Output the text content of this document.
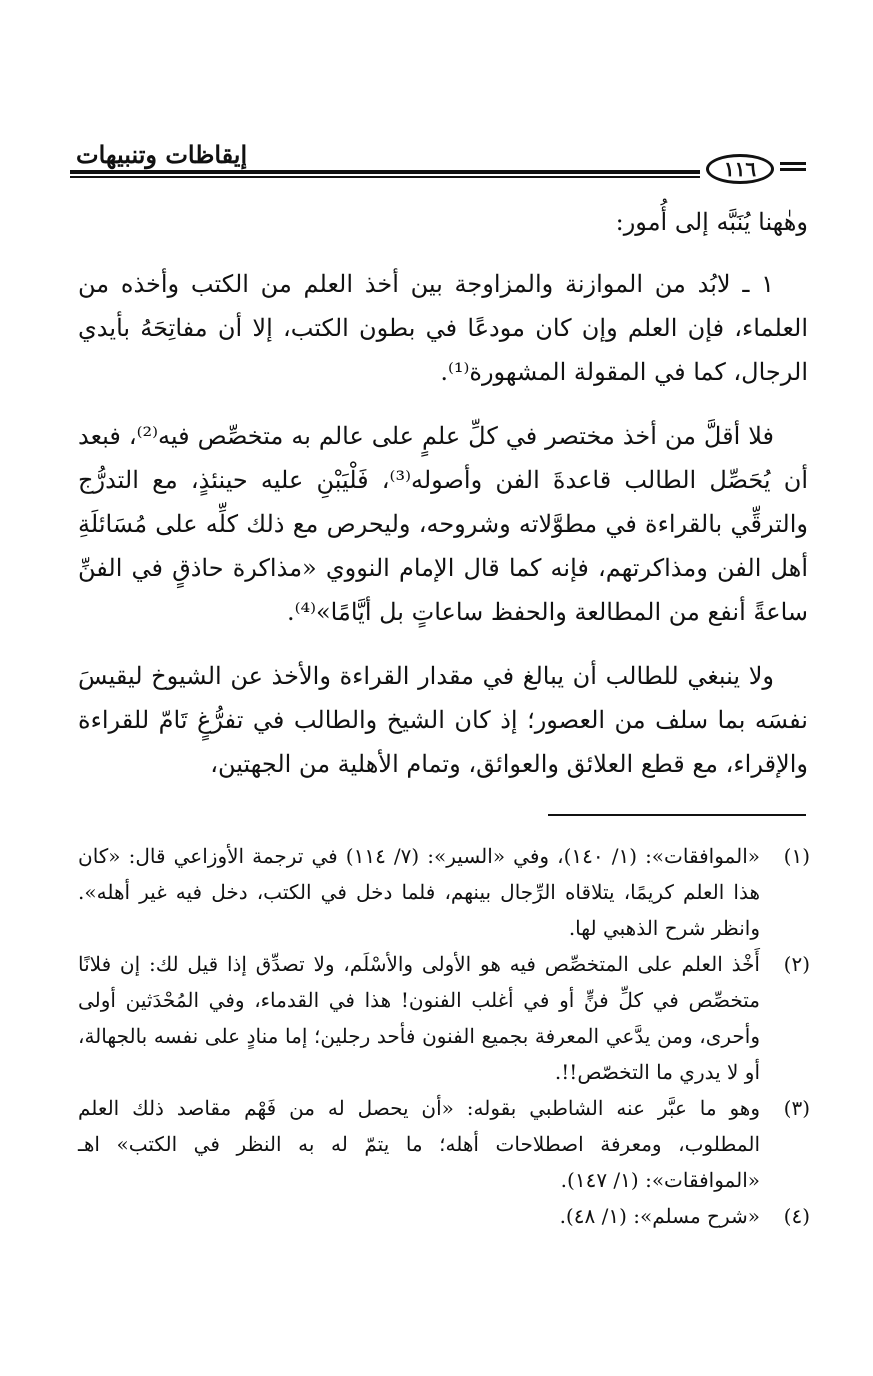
إيقاظات وتنبيهات	١١٦

وهٰهنا يُنَبَّه إلى أُمور:

١ ـ لابُد من الموازنة والمزاوجة بين أخذ العلم من الكتب وأخذه من العلماء، فإن العلم وإن كان مودعًا في بطون الكتب، إلا أن مفاتِحَهُ بأيدي الرجال، كما في المقولة المشهورة⁽¹⁾.

فلا أقلَّ من أخذ مختصر في كلِّ علمٍ على عالم به متخصِّص فيه⁽²⁾، فبعد أن يُحَصِّل الطالب قاعدةَ الفن وأصوله⁽³⁾، فَلْيَبْنِ عليه حينئذٍ، مع التدرُّج والترقِّي بالقراءة في مطوَّلاته وشروحه، وليحرص مع ذلك كلِّه على مُسَائلَةِ أهل الفن ومذاكرتهم، فإنه كما قال الإمام النووي «مذاكرة حاذقٍ في الفنِّ ساعةً أنفع من المطالعة والحفظ ساعاتٍ بل أيَّامًا»⁽⁴⁾.

ولا ينبغي للطالب أن يبالغ في مقدار القراءة والأخذ عن الشيوخ ليقيسَ نفسَه بما سلف من العصور؛ إذ كان الشيخ والطالب في تفرُّغٍ تَامّ للقراءة والإقراء، مع قطع العلائق والعوائق، وتمام الأهلية من الجهتين،

(١)
«الموافقات»: (١/ ١٤٠)، وفي «السير»: (٧/ ١١٤) في ترجمة الأوزاعي قال: «كان هذا العلم كريمًا، يتلاقاه الرِّجال بينهم، فلما دخل في الكتب، دخل فيه غير أهله». وانظر شرح الذهبي لها.
(٢)
أَخْذ العلم على المتخصِّص فيه هو الأولى والأسْلَم، ولا تصدِّق إذا قيل لك: إن فلانًا متخصِّص في كلِّ فنٍّ أو في أغلب الفنون! هذا في القدماء، وفي المُحْدَثين أولى وأحرى، ومن يدَّعي المعرفة بجميع الفنون فأحد رجلين؛ إما منادٍ على نفسه بالجهالة، أو لا يدري ما التخصّص!!.
(٣)
وهو ما عبَّر عنه الشاطبي بقوله: «أن يحصل له من فَهْم مقاصد ذلك العلم المطلوب، ومعرفة اصطلاحات أهله؛ ما يتمّ له به النظر في الكتب» اهـ «الموافقات»: (١/ ١٤٧).
(٤)
«شرح مسلم»: (١/ ٤٨).
